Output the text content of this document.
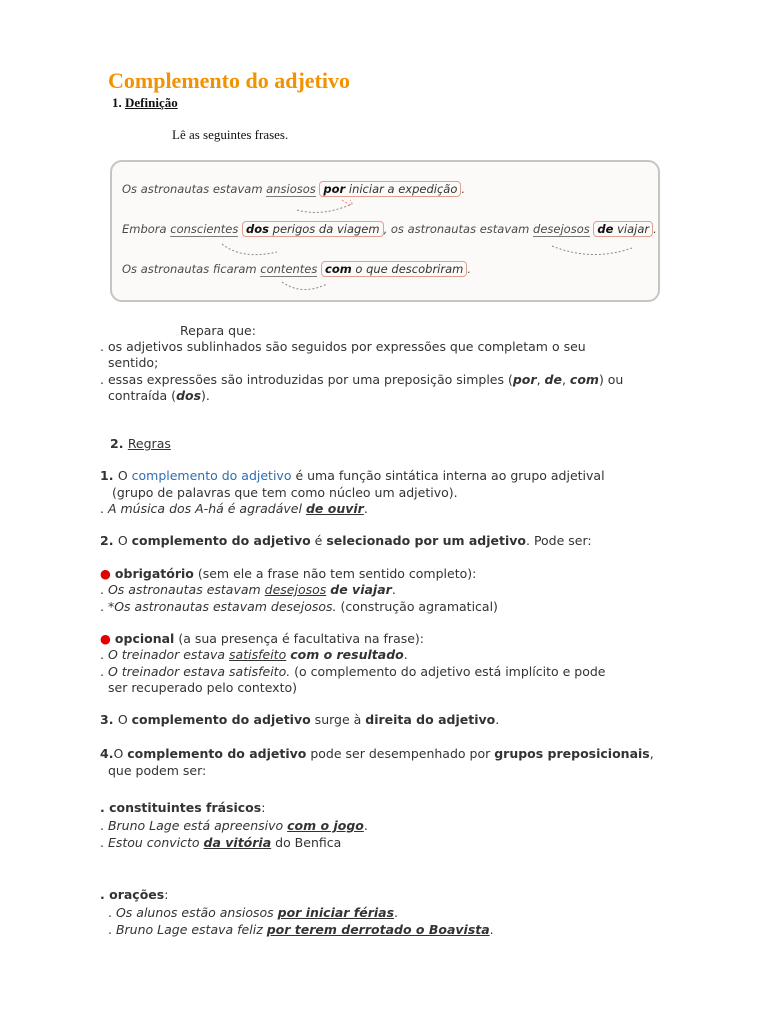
Complemento do adjetivo
1. Definição
Lê as seguintes frases.
Os astronautas estavam ansiosos por iniciar a expedição .
Embora conscientes dos perigos da viagem , os astronautas estavam desejosos de viajar .
Os astronautas ficaram contentes com o que descobriram .
Repara que:
. os adjetivos sublinhados são seguidos por expressões que completam o seu
sentido;
. essas expressões são introduzidas por uma preposição simples (por, de, com) ou
contraída (dos).
2. Regras
1. O complemento do adjetivo é uma função sintática interna ao grupo adjetival
(grupo de palavras que tem como núcleo um adjetivo).
. A música dos A-há é agradável de ouvir.
2. O complemento do adjetivo é selecionado por um adjetivo. Pode ser:
● obrigatório (sem ele a frase não tem sentido completo):
. Os astronautas estavam desejosos de viajar.
. *Os astronautas estavam desejosos. (construção agramatical)
● opcional (a sua presença é facultativa na frase):
. O treinador estava satisfeito com o resultado.
. O treinador estava satisfeito. (o complemento do adjetivo está implícito e pode
ser recuperado pelo contexto)
3. O complemento do adjetivo surge à direita do adjetivo.
4.O complemento do adjetivo pode ser desempenhado por grupos preposicionais,
que podem ser:
. constituintes frásicos:
. Bruno Lage está apreensivo com o jogo.
. Estou convicto da vitória do Benfica
. orações:
. Os alunos estão ansiosos por iniciar férias.
. Bruno Lage estava feliz por terem derrotado o Boavista.
